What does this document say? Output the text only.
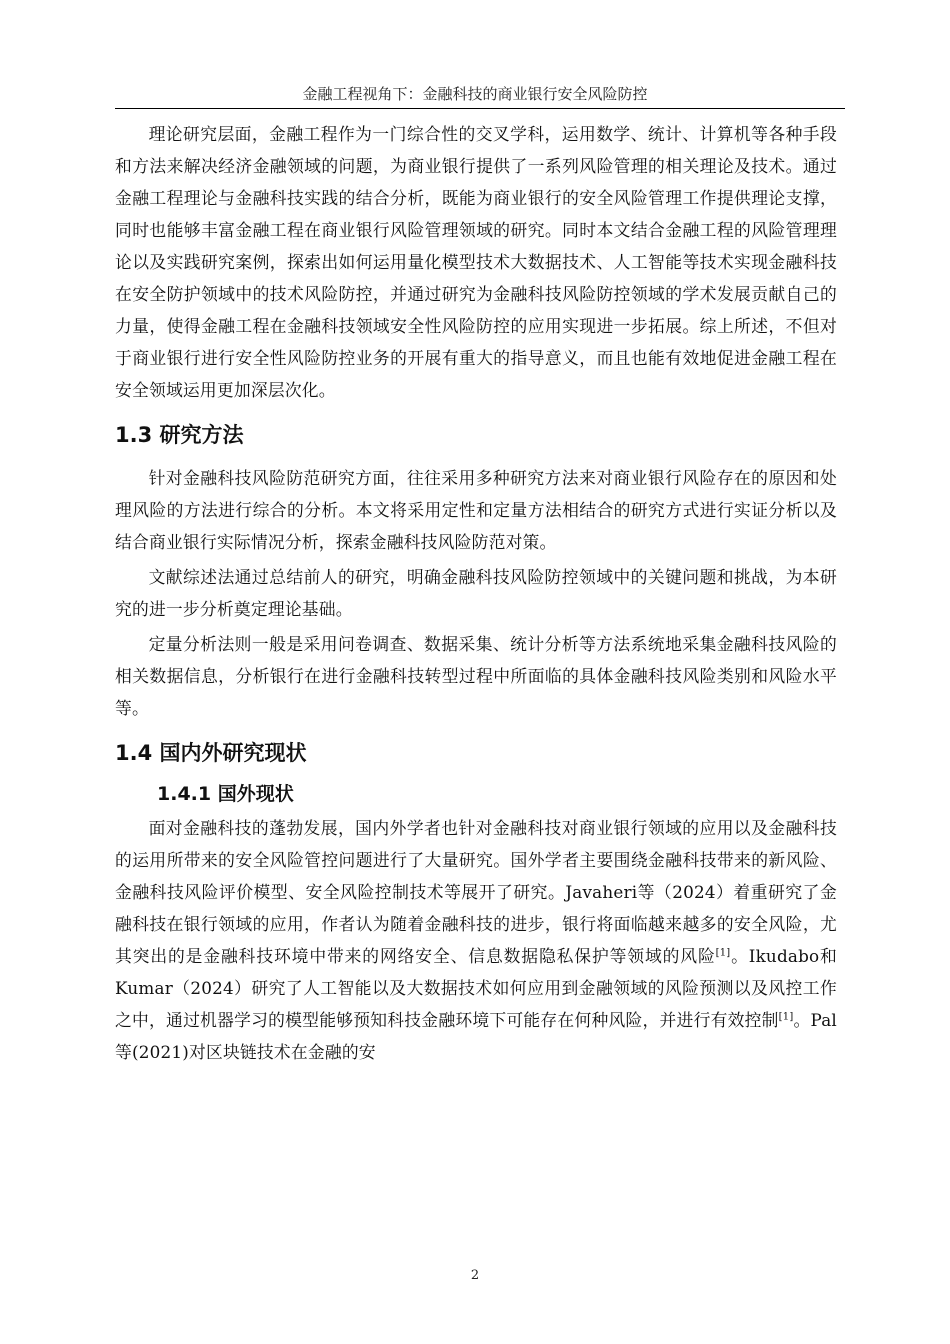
金融工程视角下：金融科技的商业银行安全风险防控

理论研究层面，金融工程作为一门综合性的交叉学科，运用数学、统计、计算机等各种手段和方法来解决经济金融领域的问题，为商业银行提供了一系列风险管理的相关理论及技术。通过金融工程理论与金融科技实践的结合分析，既能为商业银行的安全风险管理工作提供理论支撑，同时也能够丰富金融工程在商业银行风险管理领域的研究。同时本文结合金融工程的风险管理理论以及实践研究案例，探索出如何运用量化模型技术大数据技术、人工智能等技术实现金融科技在安全防护领域中的技术风险防控，并通过研究为金融科技风险防控领域的学术发展贡献自己的力量，使得金融工程在金融科技领域安全性风险防控的应用实现进一步拓展。综上所述，不但对于商业银行进行安全性风险防控业务的开展有重大的指导意义，而且也能有效地促进金融工程在安全领域运用更加深层次化。

1.3 研究方法

针对金融科技风险防范研究方面，往往采用多种研究方法来对商业银行风险存在的原因和处理风险的方法进行综合的分析。本文将采用定性和定量方法相结合的研究方式进行实证分析以及结合商业银行实际情况分析，探索金融科技风险防范对策。

文献综述法通过总结前人的研究，明确金融科技风险防控领域中的关键问题和挑战，为本研究的进一步分析奠定理论基础。

定量分析法则一般是采用问卷调查、数据采集、统计分析等方法系统地采集金融科技风险的相关数据信息，分析银行在进行金融科技转型过程中所面临的具体金融科技风险类别和风险水平等。

1.4 国内外研究现状
1.4.1 国外现状

面对金融科技的蓬勃发展，国内外学者也针对金融科技对商业银行领域的应用以及金融科技的运用所带来的安全风险管控问题进行了大量研究。国外学者主要围绕金融科技带来的新风险、金融科技风险评价模型、安全风险控制技术等展开了研究。Javaheri等（2024）着重研究了金融科技在银行领域的应用，作者认为随着金融科技的进步，银行将面临越来越多的安全风险，尤其突出的是金融科技环境中带来的网络安全、信息数据隐私保护等领域的风险[1]。Ikudabo和Kumar（2024）研究了人工智能以及大数据技术如何应用到金融领域的风险预测以及风控工作之中，通过机器学习的模型能够预知科技金融环境下可能存在何种风险，并进行有效控制[1]。Pal等(2021)对区块链技术在金融的安

2
